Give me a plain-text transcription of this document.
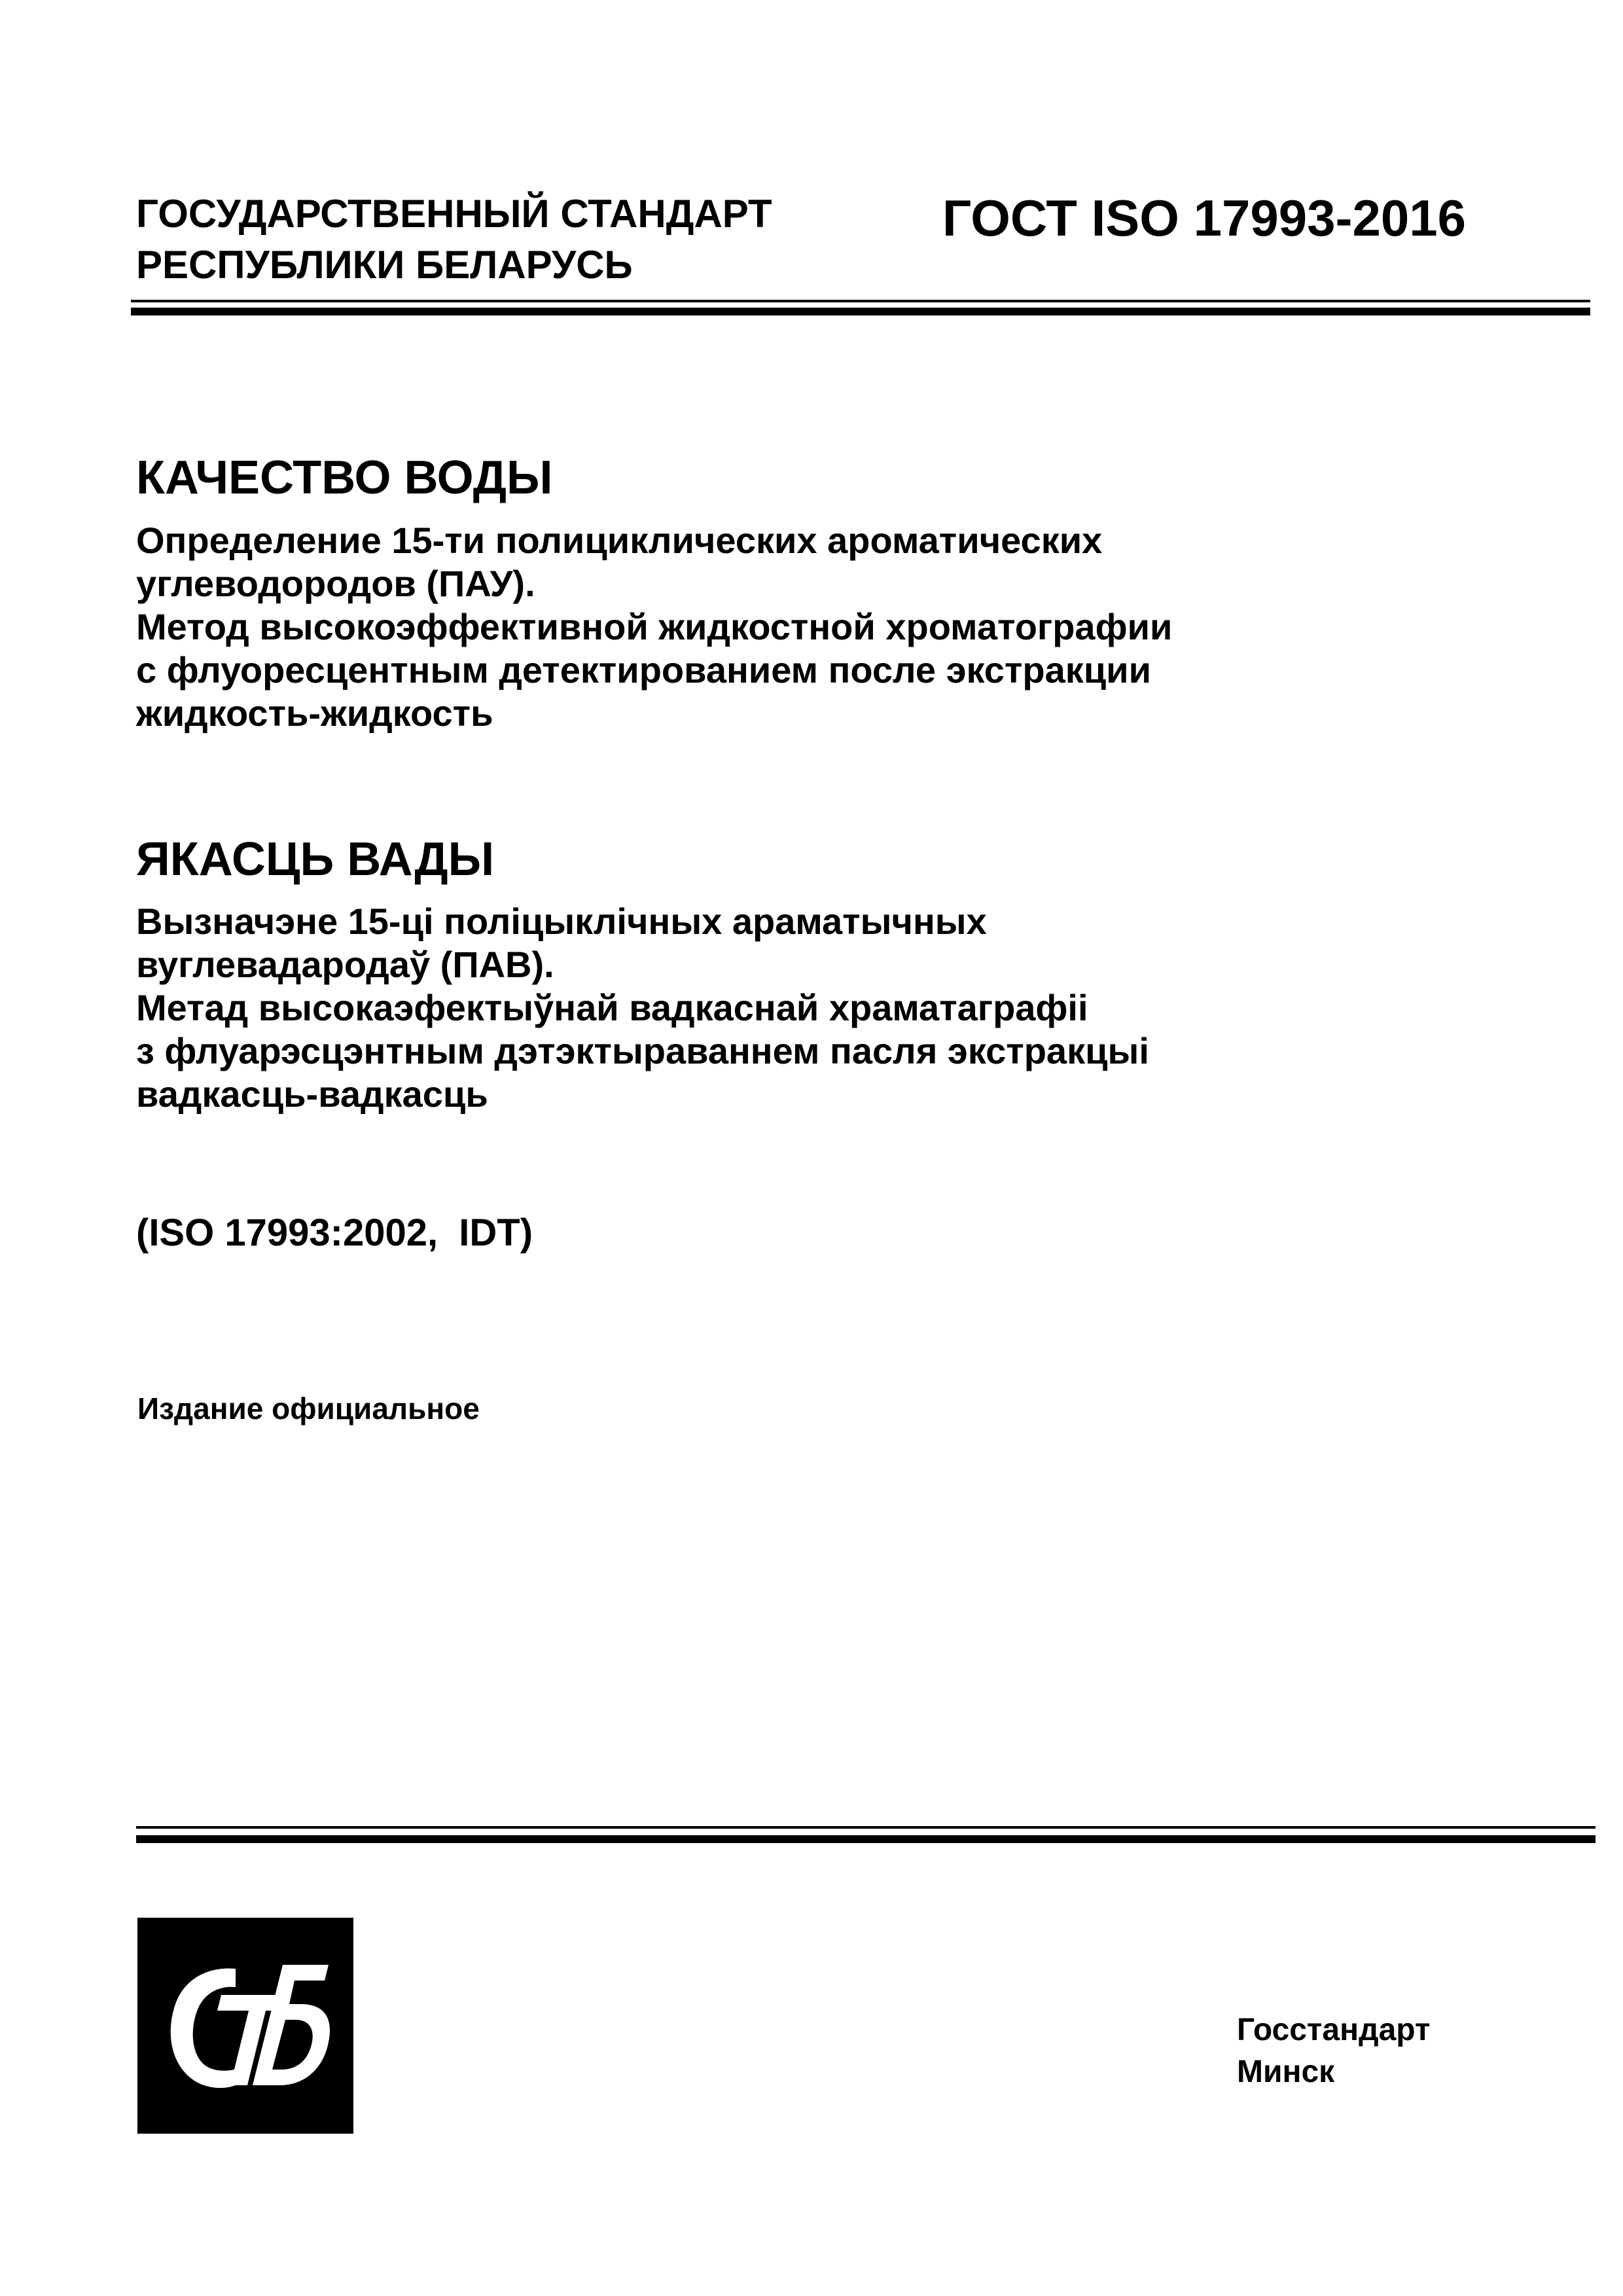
ГОСУДАРСТВЕННЫЙ СТАНДАРТ
РЕСПУБЛИКИ БЕЛАРУСЬ
ГОСТ ISO 17993-2016
КАЧЕСТВО ВОДЫ
Определение 15-ти полициклических ароматических
углеводородов (ПАУ).
Метод высокоэффективной жидкостной хроматографии
с флуоресцентным детектированием после экстракции
жидкость-жидкость
ЯКАСЦЬ ВАДЫ
Вызначэне 15-ці поліцыклічных араматычных
вуглевадародаў (ПАВ).
Метад высокаэфектыўнай вадкаснай храматаграфіі
з флуарэсцэнтным дэтэктыраваннем пасля экстракцыі
вадкасць-вадкасць
(ISO 17993:2002,  IDT)
Издание официальное
Госстандарт
Минск
